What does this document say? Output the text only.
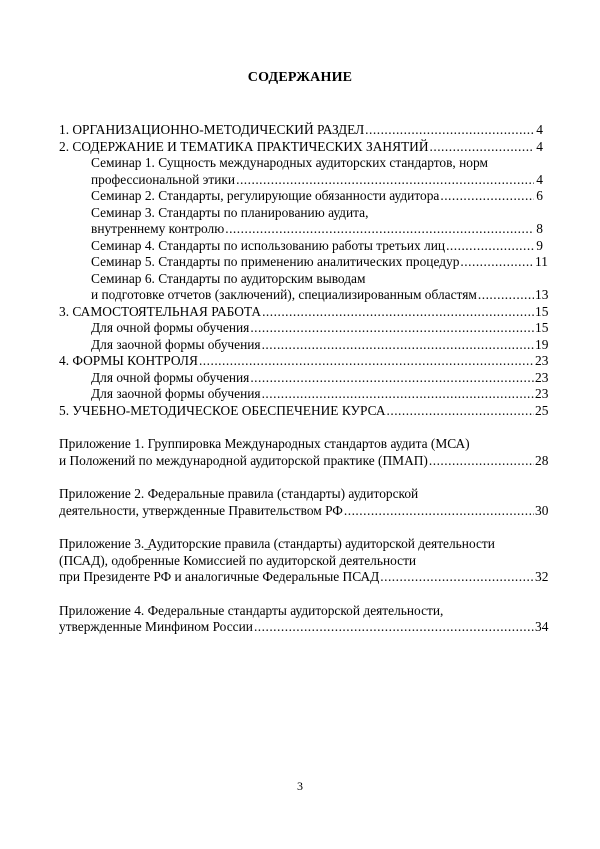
СОДЕРЖАНИЕ
1. ОРГАНИЗАЦИОННО-МЕТОДИЧЕСКИЙ РАЗДЕЛ .....	4
2. СОДЕРЖАНИЕ И ТЕМАТИКА ПРАКТИЧЕСКИХ ЗАНЯТИЙ .....	4
Семинар 1. Сущность международных аудиторских стандартов, норм
профессиональной этики .....	4
Семинар 2. Стандарты, регулирующие обязанности аудитора .....	6
Семинар 3. Стандарты по планированию аудита,
внутреннему контролю .....	8
Семинар 4. Стандарты по использованию работы третьих лиц .....	9
Семинар 5. Стандарты по применению аналитических процедур .....	11
Семинар 6. Стандарты по аудиторским выводам
и подготовке отчетов (заключений), специализированным областям .....	13
3. САМОСТОЯТЕЛЬНАЯ РАБОТА .....	15
Для очной формы обучения .....	15
Для заочной формы обучения .....	19
4. ФОРМЫ КОНТРОЛЯ .....	23
Для очной формы обучения .....	23
Для заочной формы обучения .....	23
5. УЧЕБНО-МЕТОДИЧЕСКОЕ ОБЕСПЕЧЕНИЕ КУРСА .....	25
Приложение 1. Группировка Международных стандартов аудита (МСА)
и Положений по международной аудиторской практике (ПМАП) .....	28
Приложение 2. Федеральные правила (стандарты) аудиторской
деятельности, утвержденные Правительством РФ .....	30
Приложение 3. ̲Аудиторские правила (стандарты) аудиторской деятельности
(ПСАД), одобренные Комиссией по аудиторской деятельности
при Президенте РФ и аналогичные Федеральные ПСАД .....	32
Приложение 4. Федеральные стандарты аудиторской деятельности,
утвержденные Минфином России .....	34
3
